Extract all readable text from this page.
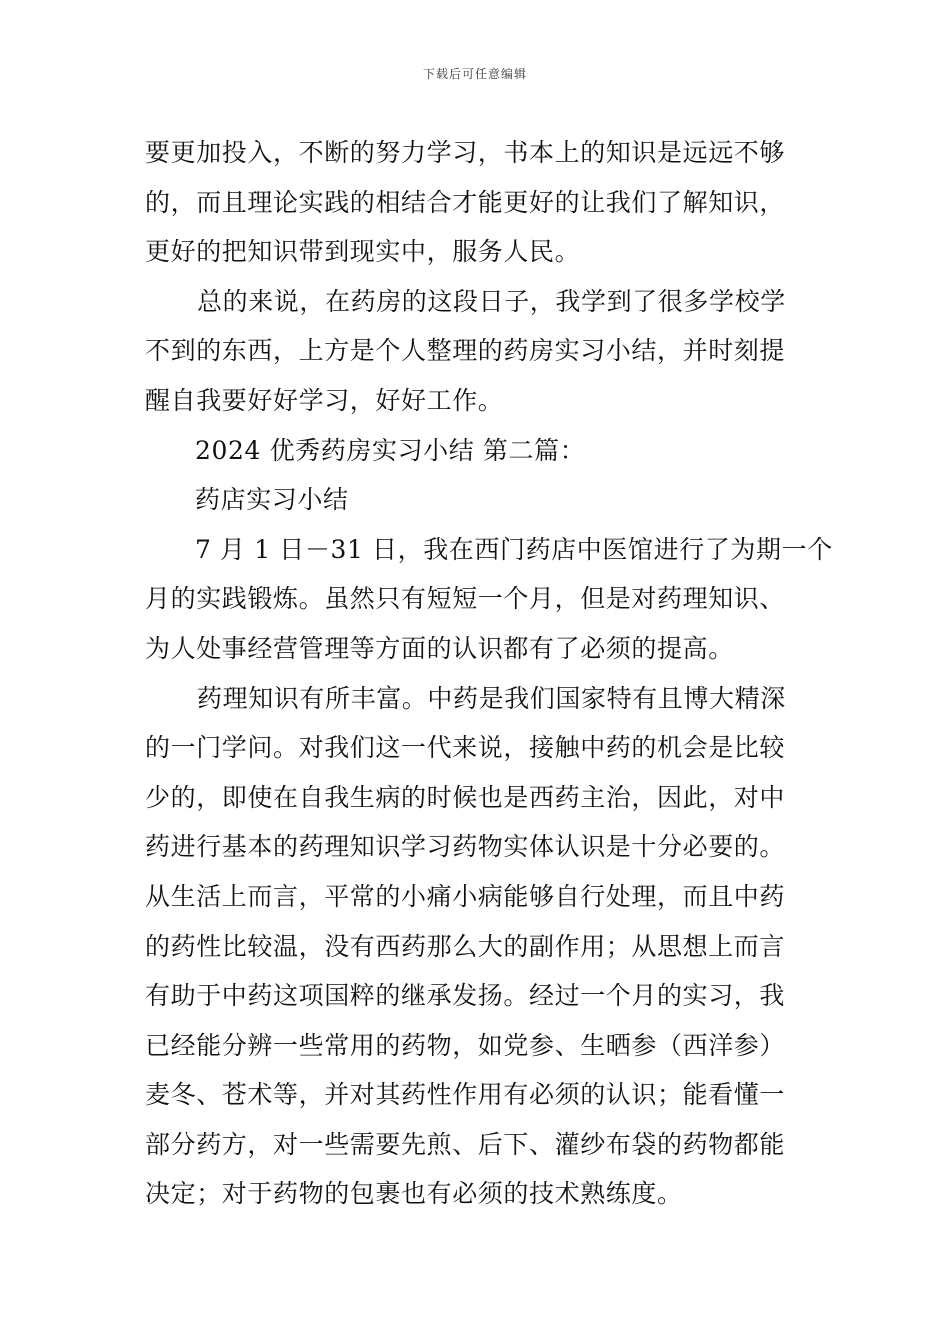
下载后可任意编辑
要更加投入，不断的努力学习，书本上的知识是远远不够
的，而且理论实践的相结合才能更好的让我们了解知识，
更好的把知识带到现实中，服务人民。
总的来说，在药房的这段日子，我学到了很多学校学
不到的东西，上方是个人整理的药房实习小结，并时刻提
醒自我要好好学习，好好工作。
2024 优秀药房实习小结 第二篇：
药店实习小结
7 月 1 日－31 日，我在西门药店中医馆进行了为期一个
月的实践锻炼。虽然只有短短一个月，但是对药理知识、
为人处事经营管理等方面的认识都有了必须的提高。
药理知识有所丰富。中药是我们国家特有且博大精深
的一门学问。对我们这一代来说，接触中药的机会是比较
少的，即使在自我生病的时候也是西药主治，因此，对中
药进行基本的药理知识学习药物实体认识是十分必要的。
从生活上而言，平常的小痛小病能够自行处理，而且中药
的药性比较温，没有西药那么大的副作用；从思想上而言
有助于中药这项国粹的继承发扬。经过一个月的实习，我
已经能分辨一些常用的药物，如党参、生晒参（西洋参）
麦冬、苍术等，并对其药性作用有必须的认识；能看懂一
部分药方，对一些需要先煎、后下、灌纱布袋的药物都能
决定；对于药物的包裹也有必须的技术熟练度。
